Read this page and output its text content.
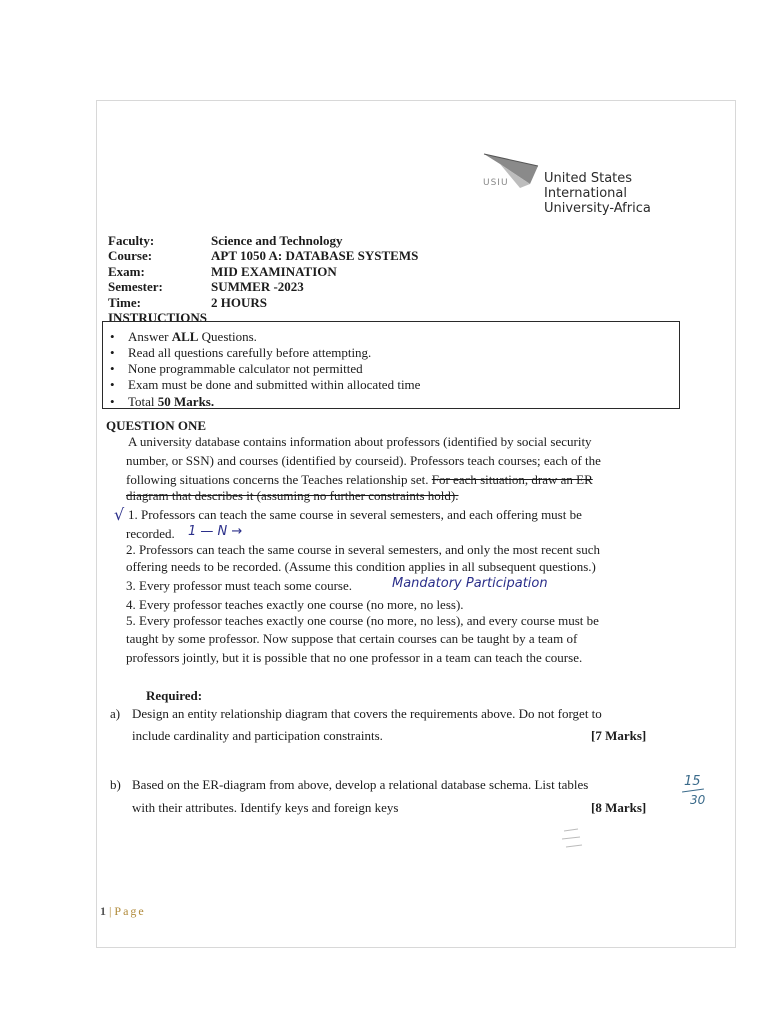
USIU	United States
International
University-Africa
Faculty:	Science and Technology
Course:	APT 1050 A: DATABASE SYSTEMS
Exam:	MID EXAMINATION
Semester:	SUMMER -2023
Time:	2 HOURS
INSTRUCTIONS
• Answer ALL Questions.
• Read all questions carefully before attempting.
• None programmable calculator not permitted
• Exam must be done and submitted within allocated time
• Total 50 Marks.
QUESTION ONE
A university database contains information about professors (identified by social security
number, or SSN) and courses (identified by courseid). Professors teach courses; each of the
following situations concerns the Teaches relationship set. For each situation, draw an ER
diagram that describes it (assuming no further constraints hold).
√ 1. Professors can teach the same course in several semesters, and each offering must be
recorded. 1 — N →
2. Professors can teach the same course in several semesters, and only the most recent such
offering needs to be recorded. (Assume this condition applies in all subsequent questions.)
3. Every professor must teach some course.	Mandatory Participation
4. Every professor teaches exactly one course (no more, no less).
5. Every professor teaches exactly one course (no more, no less), and every course must be
taught by some professor. Now suppose that certain courses can be taught by a team of
professors jointly, but it is possible that no one professor in a team can teach the course.
Required:
a) Design an entity relationship diagram that covers the requirements above. Do not forget to
include cardinality and participation constraints.	[7 Marks]
b) Based on the ER-diagram from above, develop a relational database schema. List tables
with their attributes. Identify keys and foreign keys	[8 Marks]
15
30
1 | Page
